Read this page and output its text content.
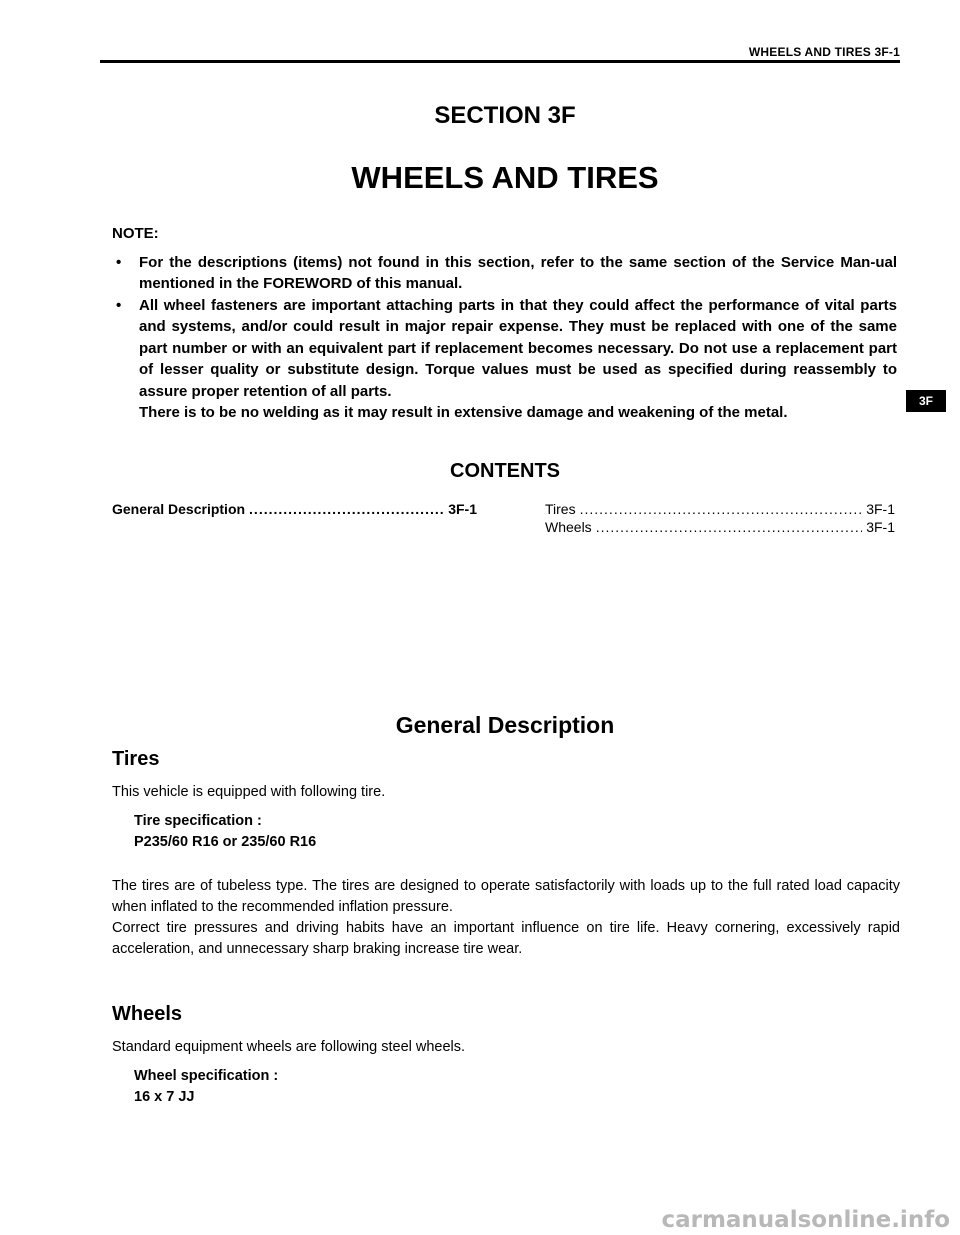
WHEELS AND TIRES 3F-1
SECTION 3F
WHEELS AND TIRES
NOTE:
• For the descriptions (items) not found in this section, refer to the same section of the Service Man-ual mentioned in the FOREWORD of this manual.
• All wheel fasteners are important attaching parts in that they could affect the performance of vital parts and systems, and/or could result in major repair expense. They must be replaced with one of the same part number or with an equivalent part if replacement becomes necessary. Do not use a replacement part of lesser quality or substitute design. Torque values must be used as specified during reassembly to assure proper retention of all parts.
There is to be no welding as it may result in extensive damage and weakening of the metal.
3F
CONTENTS
General Description .....	3F-1	Tires .....	3F-1
Wheels .....	3F-1
General Description
Tires
This vehicle is equipped with following tire.
Tire specification :
P235/60 R16 or 235/60 R16
The tires are of tubeless type. The tires are designed to operate satisfactorily with loads up to the full rated load capacity when inflated to the recommended inflation pressure.
Correct tire pressures and driving habits have an important influence on tire life. Heavy cornering, excessively rapid acceleration, and unnecessary sharp braking increase tire wear.
Wheels
Standard equipment wheels are following steel wheels.
Wheel specification :
16 x 7 JJ
carmanualsonline.info
